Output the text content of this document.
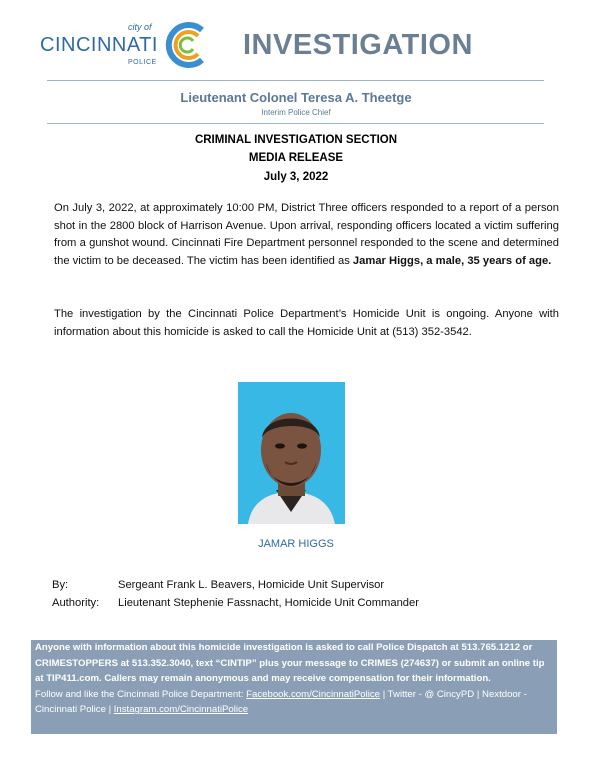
city of
CINCINNATI
POLICE
INVESTIGATION
Lieutenant Colonel Teresa A. Theetge
Interim Police Chief
CRIMINAL INVESTIGATION SECTION
MEDIA RELEASE
July 3, 2022
On July 3, 2022, at approximately 10:00 PM, District Three officers responded to a report of a person shot in the 2800 block of Harrison Avenue. Upon arrival, responding officers located a victim suffering from a gunshot wound. Cincinnati Fire Department personnel responded to the scene and determined the victim to be deceased. The victim has been identified as Jamar Higgs, a male, 35 years of age.
The investigation by the Cincinnati Police Department’s Homicide Unit is ongoing. Anyone with information about this homicide is asked to call the Homicide Unit at (513) 352-3542.
JAMAR HIGGS
By:	Sergeant Frank L. Beavers, Homicide Unit Supervisor
Authority: Lieutenant Stephenie Fassnacht, Homicide Unit Commander
Anyone with information about this homicide investigation is asked to call Police Dispatch at 513.765.1212 or CRIMESTOPPERS at 513.352.3040, text “CINTIP” plus your message to CRIMES (274637) or submit an online tip at TIP411.com. Callers may remain anonymous and may receive compensation for their information.
Follow and like the Cincinnati Police Department: Facebook.com/CincinnatiPolice | Twitter - @ CincyPD | Nextdoor - Cincinnati Police | Instagram.com/CincinnatiPolice
